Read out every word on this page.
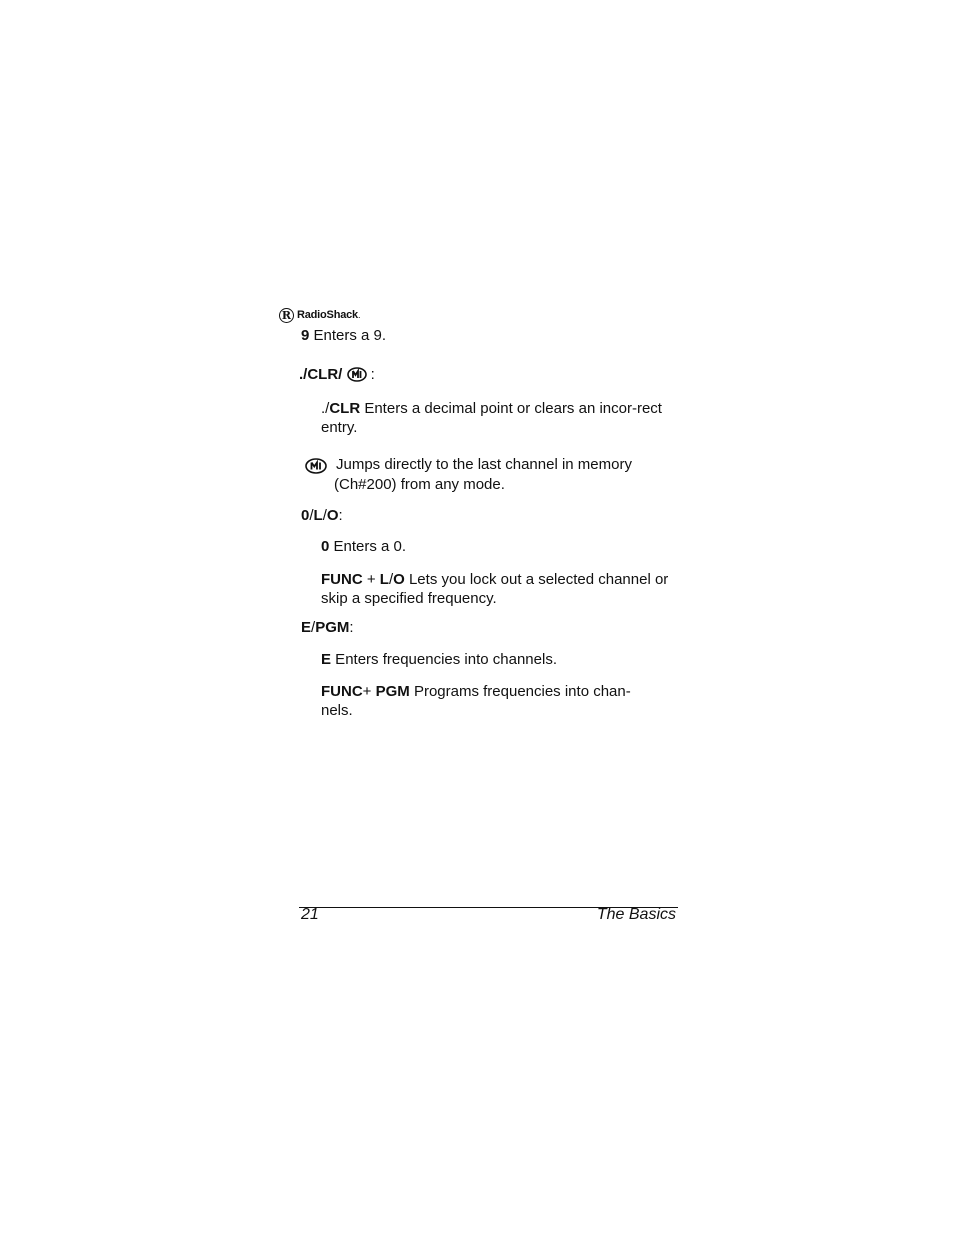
R RadioShack .
9 Enters a 9.
./CLR/  :
./CLR Enters a decimal point or clears an incor-rect entry.
Jumps directly to the last channel in memory
(Ch#200) from any mode.
0/L/O:
0 Enters a 0.
FUNC + L/O Lets you lock out a selected channel or skip a specified frequency.
E/PGM:
E Enters frequencies into channels.
FUNC+ PGM Programs frequencies into chan-nels.
21	The Basics
